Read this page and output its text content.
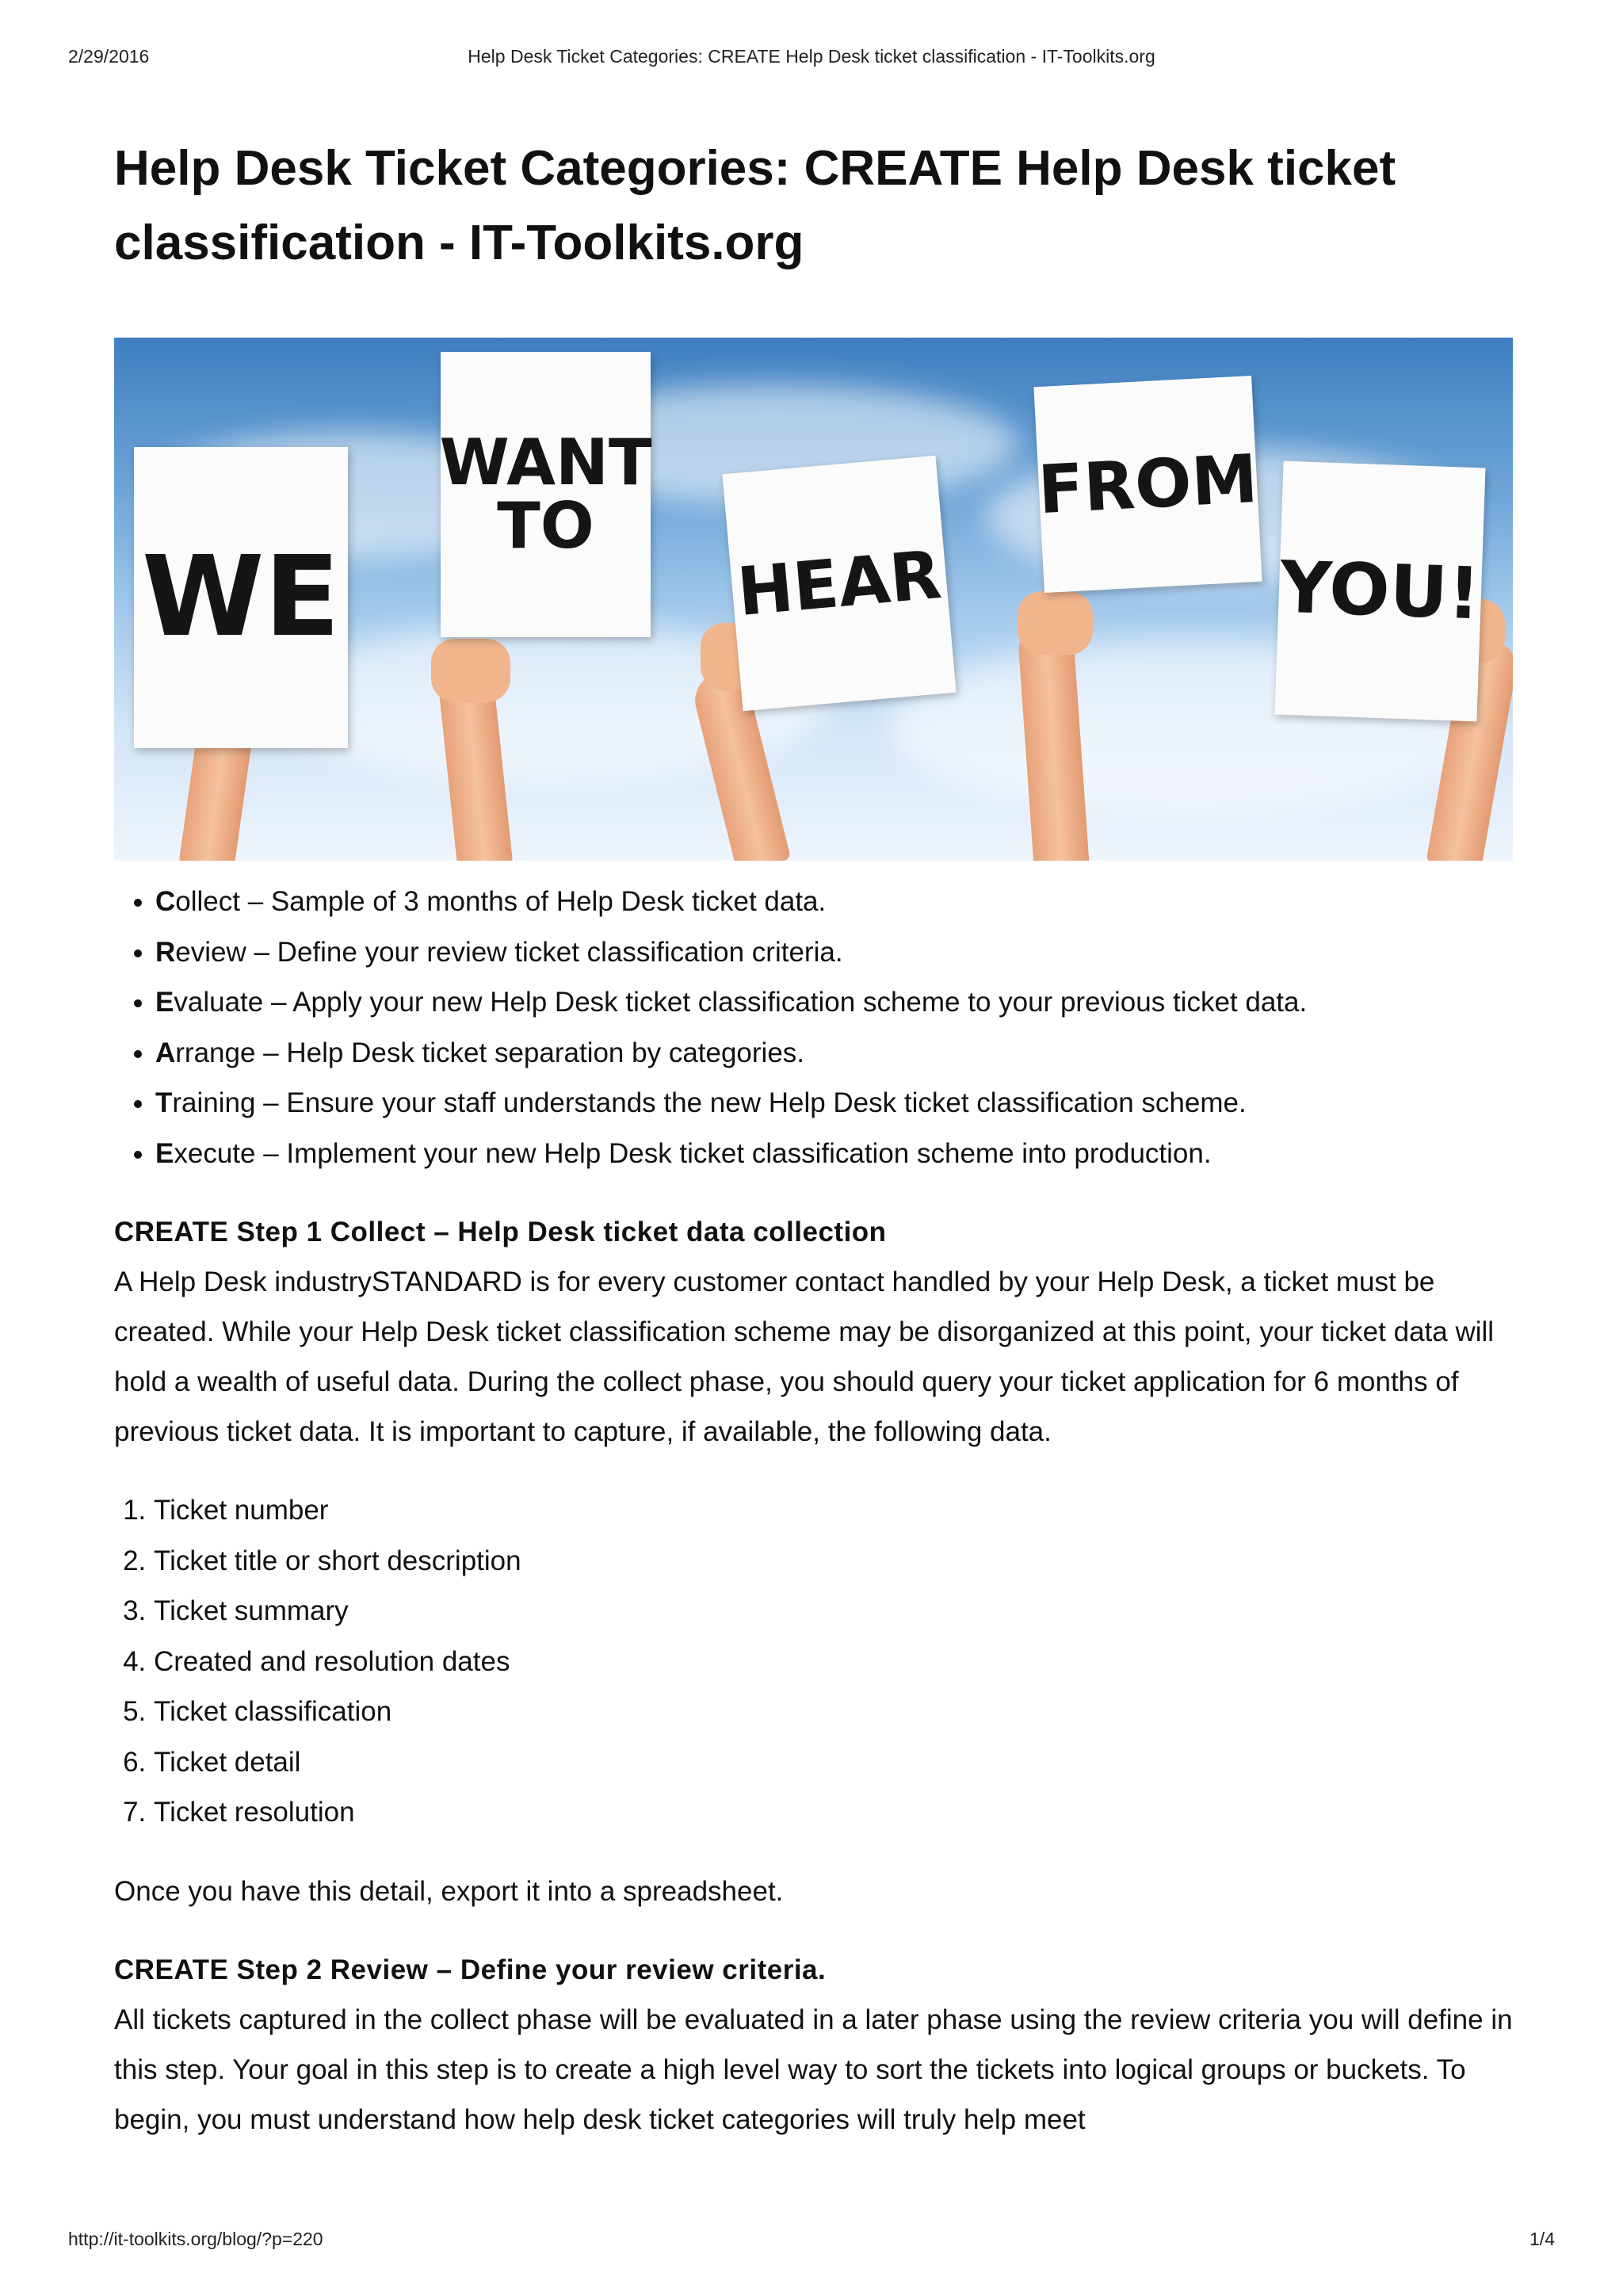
2/29/2016	Help Desk Ticket Categories: CREATE Help Desk ticket classification - IT-Toolkits.org
Help Desk Ticket Categories: CREATE Help Desk ticket classification - IT-Toolkits.org
WE
WANT TO
HEAR
FROM
YOU!
• Collect – Sample of 3 months of Help Desk ticket data.
• Review – Define your review ticket classification criteria.
• Evaluate – Apply your new Help Desk ticket classification scheme to your previous ticket data.
• Arrange – Help Desk ticket separation by categories.
• Training – Ensure your staff understands the new Help Desk ticket classification scheme.
• Execute – Implement your new Help Desk ticket classification scheme into production.
CREATE Step 1 Collect – Help Desk ticket data collection

A Help Desk industrySTANDARD is for every customer contact handled by your Help Desk, a ticket must be created. While your Help Desk ticket classification scheme may be disorganized at this point, your ticket data will hold a wealth of useful data. During the collect phase, you should query your ticket application for 6 months of previous ticket data. It is important to capture, if available, the following data.

1. Ticket number
2. Ticket title or short description
3. Ticket summary
4. Created and resolution dates
5. Ticket classification
6. Ticket detail
7. Ticket resolution

Once you have this detail, export it into a spreadsheet.

CREATE Step 2 Review – Define your review criteria.

All tickets captured in the collect phase will be evaluated in a later phase using the review criteria you will define in this step. Your goal in this step is to create a high level way to sort the tickets into logical groups or buckets. To begin, you must understand how help desk ticket categories will truly help meet

http://it-toolkits.org/blog/?p=220	1/4
